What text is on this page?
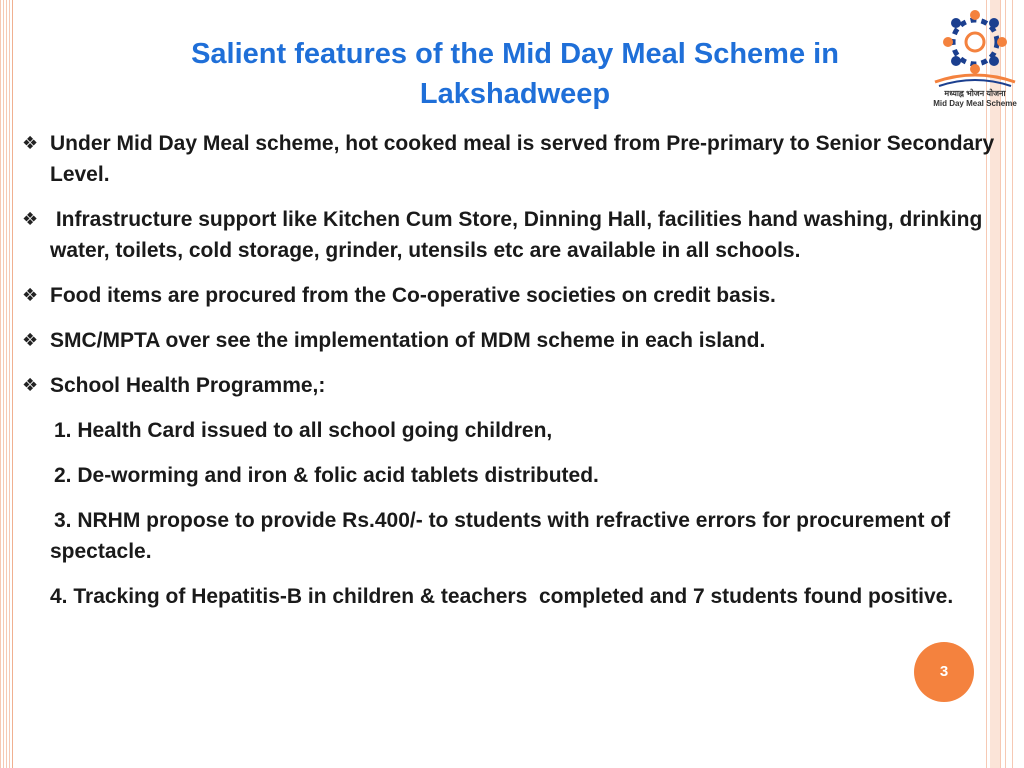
Salient features of the Mid Day Meal Scheme in Lakshadweep	मध्याह्न भोजन योजना
Mid Day Meal Scheme
❖ Under Mid Day Meal scheme, hot cooked meal is served from Pre-primary to Senior Secondary Level.
❖ Infrastructure support like Kitchen Cum Store, Dinning Hall, facilities hand washing, drinking water, toilets, cold storage, grinder, utensils etc are available in all schools.
❖ Food items are procured from the Co-operative societies on credit basis.
❖ SMC/MPTA over see the implementation of MDM scheme in each island.
❖ School Health Programme,:
1. Health Card issued to all school going children,
2. De-worming and iron & folic acid tablets distributed.
3. NRHM propose to provide Rs.400/- to students with refractive errors for procurement of spectacle.
4. Tracking of Hepatitis-B in children & teachers  completed and 7 students found positive.
3
